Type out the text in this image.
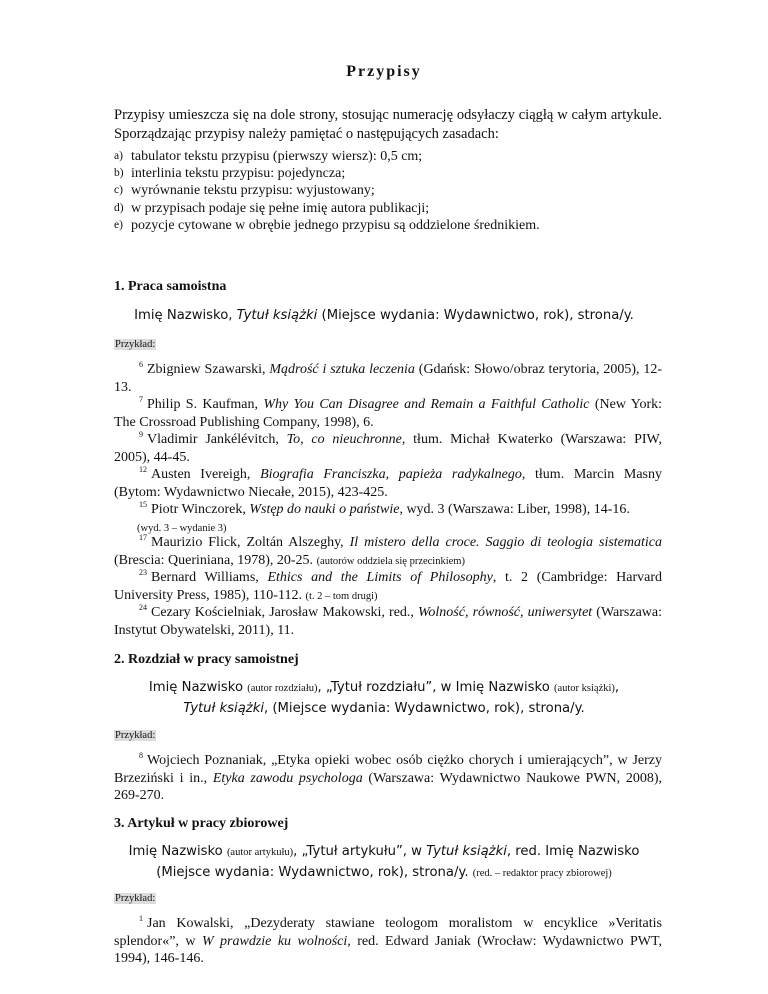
Przypisy
Przypisy umieszcza się na dole strony, stosując numerację odsyłaczy ciągłą w całym artykule. Sporządzając przypisy należy pamiętać o następujących zasadach:
a) tabulator tekstu przypisu (pierwszy wiersz): 0,5 cm;
b) interlinia tekstu przypisu: pojedyncza;
c) wyrównanie tekstu przypisu: wyjustowany;
d) w przypisach podaje się pełne imię autora publikacji;
e) pozycje cytowane w obrębie jednego przypisu są oddzielone średnikiem.
1. Praca samoistna
Imię Nazwisko, Tytuł książki (Miejsce wydania: Wydawnictwo, rok), strona/y.
Przykład:
$^6$ Zbigniew Szawarski, Mądrość i sztuka leczenia (Gdańsk: Słowo/obraz terytoria, 2005), 12-13.
$^7$ Philip S. Kaufman, Why You Can Disagree and Remain a Faithful Catholic (New York: The Crossroad Publishing Company, 1998), 6.
$^9$ Vladimir Jankélévitch, To, co nieuchronne, tłum. Michał Kwaterko (Warszawa: PIW, 2005), 44-45.
$^{12}$ Austen Ivereigh, Biografia Franciszka, papieża radykalnego, tłum. Marcin Masny (Bytom: Wydawnictwo Niecałe, 2015), 423-425.
$^{15}$ Piotr Winczorek, Wstęp do nauki o państwie, wyd. 3 (Warszawa: Liber, 1998), 14-16.
(wyd. 3 – wydanie 3)
$^{17}$ Maurizio Flick, Zoltán Alszeghy, Il mistero della croce. Saggio di teologia sistematica (Brescia: Queriniana, 1978), 20-25. (autorów oddziela się przecinkiem)
$^{23}$ Bernard Williams, Ethics and the Limits of Philosophy, t. 2 (Cambridge: Harvard University Press, 1985), 110-112. (t. 2 – tom drugi)
$^{24}$ Cezary Kościelniak, Jarosław Makowski, red., Wolność, równość, uniwersytet (Warszawa: Instytut Obywatelski, 2011), 11.
2. Rozdział w pracy samoistnej
Imię Nazwisko (autor rozdziału), „Tytuł rozdziału”, w Imię Nazwisko (autor książki),
Tytuł książki, (Miejsce wydania: Wydawnictwo, rok), strona/y.
Przykład:
$^8$ Wojciech Poznaniak, „Etyka opieki wobec osób ciężko chorych i umierających”, w Jerzy Brzeziński i in., Etyka zawodu psychologa (Warszawa: Wydawnictwo Naukowe PWN, 2008), 269-270.
3. Artykuł w pracy zbiorowej
Imię Nazwisko (autor artykułu), „Tytuł artykułu”, w Tytuł książki, red. Imię Nazwisko
(Miejsce wydania: Wydawnictwo, rok), strona/y. (red. – redaktor pracy zbiorowej)
Przykład:
$^1$ Jan Kowalski, „Dezyderaty stawiane teologom moralistom w encyklice »Veritatis splendor«”, w W prawdzie ku wolności, red. Edward Janiak (Wrocław: Wydawnictwo PWT, 1994), 146-146.
